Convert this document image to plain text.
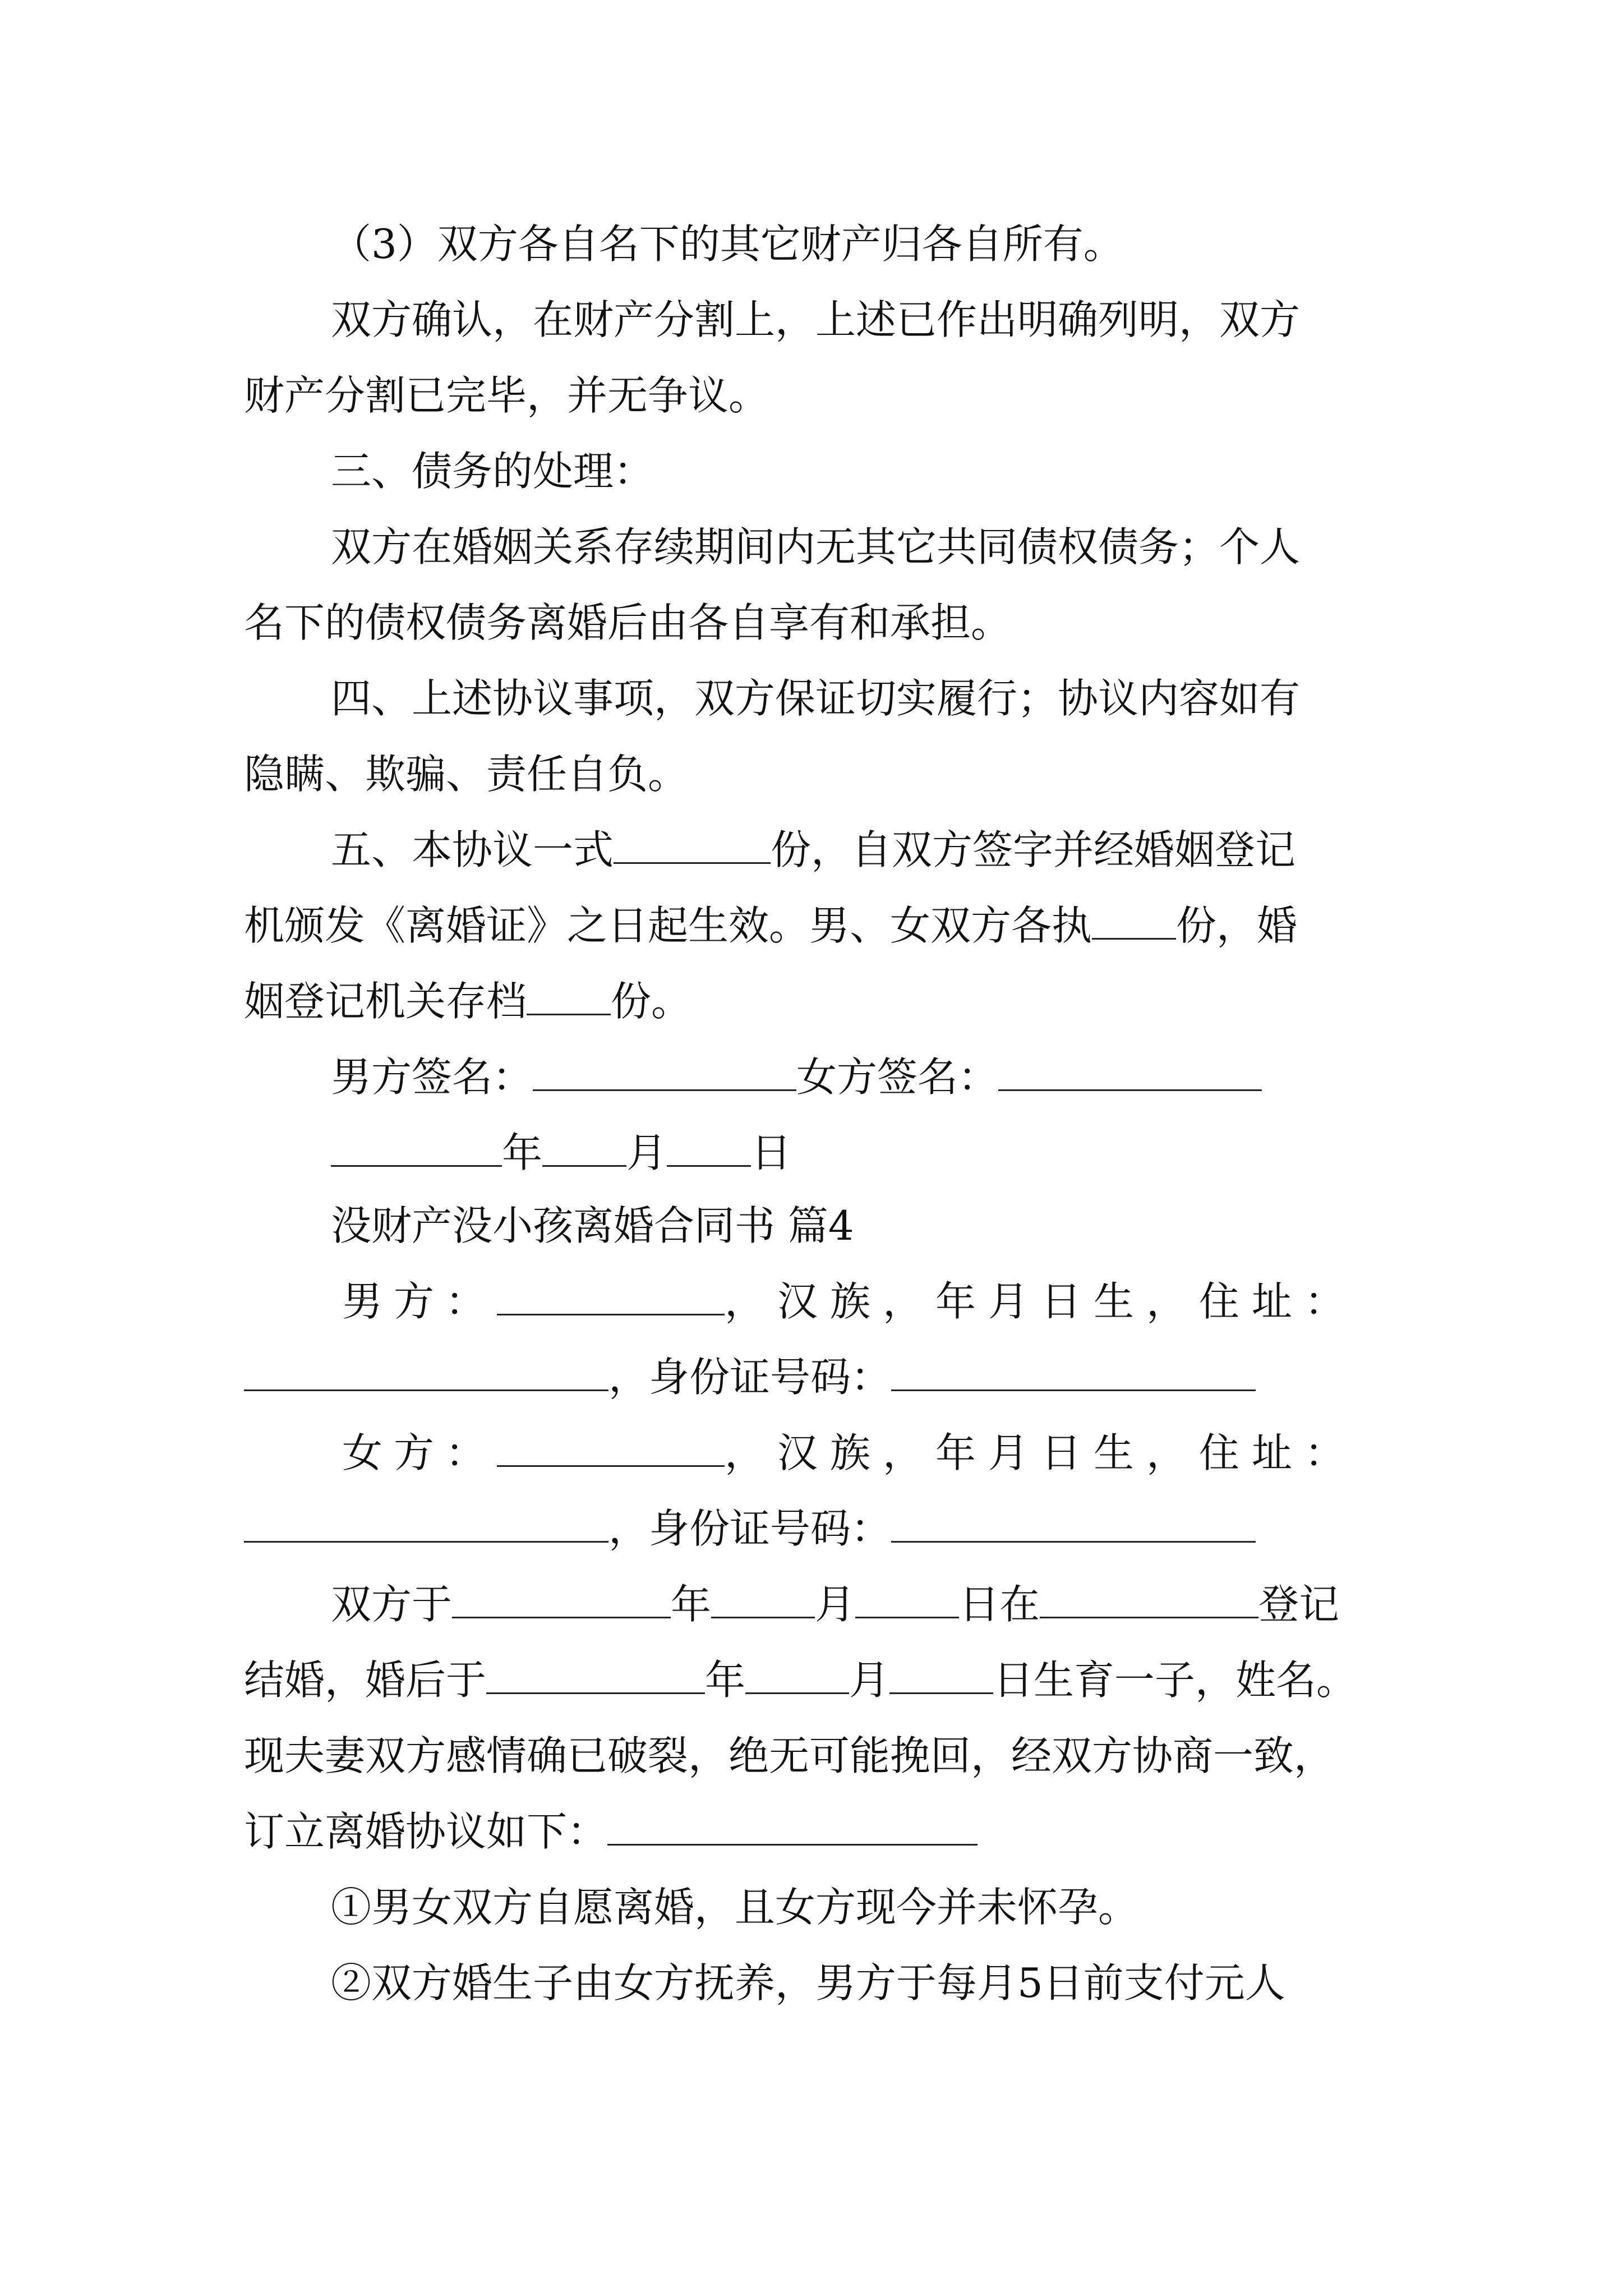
（3）双方各自名下的其它财产归各自所有。
双方确认，在财产分割上，上述已作出明确列明，双方
财产分割已完毕，并无争议。
三、债务的处理：
双方在婚姻关系存续期间内无其它共同债权债务；个人
名下的债权债务离婚后由各自享有和承担。
四、上述协议事项，双方保证切实履行；协议内容如有
隐瞒、欺骗、责任自负。
五、本协议一式	份，自双方签字并经婚姻登记
机颁发《离婚证》之日起生效。男、女双方各执 份，婚
姻登记机关存档 份。
男方签名：	女方签名：
年 月 日
没财产没小孩离婚合同书 篇4
男方：	，汉族，年月日生，住址：
，身份证号码：
女方：	，汉族，年月日生，住址：
，身份证号码：
双方于	年	月	日在	登记
结婚，婚后于	年	月	日生育一子，姓名。
现夫妻双方感情确已破裂，绝无可能挽回，经双方协商一致，
订立离婚协议如下：
①男女双方自愿离婚，且女方现今并未怀孕。
②双方婚生子由女方抚养，男方于每月5日前支付元人
